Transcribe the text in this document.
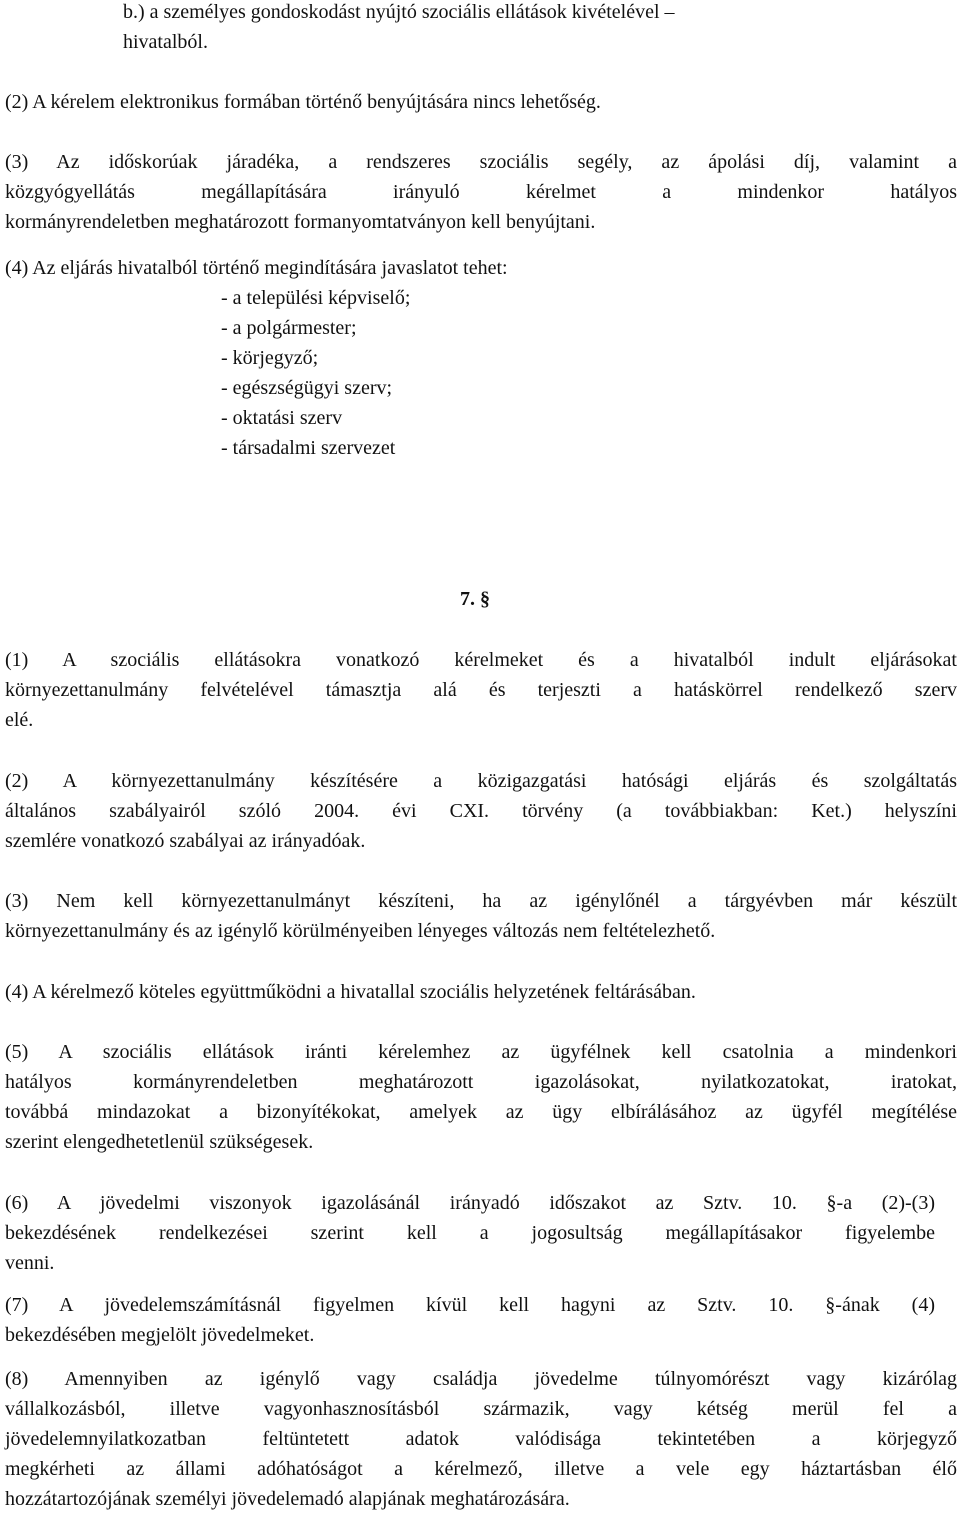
b.) a személyes gondoskodást nyújtó szociális ellátások kivételével –
hivatalból.
(2) A kérelem elektronikus formában történő benyújtására nincs lehetőség.
(3) Az időskorúak járadéka, a rendszeres szociális segély, az ápolási díj, valamint a
közgyógyellátás megállapítására irányuló kérelmet a mindenkor hatályos
kormányrendeletben meghatározott formanyomtatványon kell benyújtani.
(4) Az eljárás hivatalból történő megindítására javaslatot tehet:
- a települési képviselő;
- a polgármester;
- körjegyző;
- egészségügyi szerv;
- oktatási szerv
- társadalmi szervezet
7. §
(1) A szociális ellátásokra vonatkozó kérelmeket és a hivatalból indult eljárásokat
környezettanulmány felvételével támasztja alá és terjeszti a hatáskörrel rendelkező szerv
elé.
(2) A környezettanulmány készítésére a közigazgatási hatósági eljárás és szolgáltatás
általános szabályairól szóló 2004. évi CXI. törvény (a továbbiakban: Ket.) helyszíni
szemlére vonatkozó szabályai az irányadóak.
(3) Nem kell környezettanulmányt készíteni, ha az igénylőnél a tárgyévben már készült
környezettanulmány és az igénylő körülményeiben lényeges változás nem feltételezhető.
(4) A kérelmező köteles együttműködni a hivatallal szociális helyzetének feltárásában.
(5) A szociális ellátások iránti kérelemhez az ügyfélnek kell csatolnia a mindenkori
hatályos kormányrendeletben meghatározott igazolásokat, nyilatkozatokat, iratokat,
továbbá mindazokat a bizonyítékokat, amelyek az ügy elbírálásához az ügyfél megítélése
szerint elengedhetetlenül szükségesek.
(6) A jövedelmi viszonyok igazolásánál irányadó időszakot az Sztv. 10. §-a (2)-(3)
bekezdésének rendelkezései szerint kell a jogosultság megállapításakor figyelembe
venni.
(7) A jövedelemszámításnál figyelmen kívül kell hagyni az Sztv. 10. §-ának (4)
bekezdésében megjelölt jövedelmeket.
(8) Amennyiben az igénylő vagy családja jövedelme túlnyomórészt vagy kizárólag
vállalkozásból, illetve vagyonhasznosításból származik, vagy kétség merül fel a
jövedelemnyilatkozatban feltüntetett adatok valódisága tekintetében a körjegyző
megkérheti az állami adóhatóságot a kérelmező, illetve a vele egy háztartásban élő
hozzátartozójának személyi jövedelemadó alapjának meghatározására.
